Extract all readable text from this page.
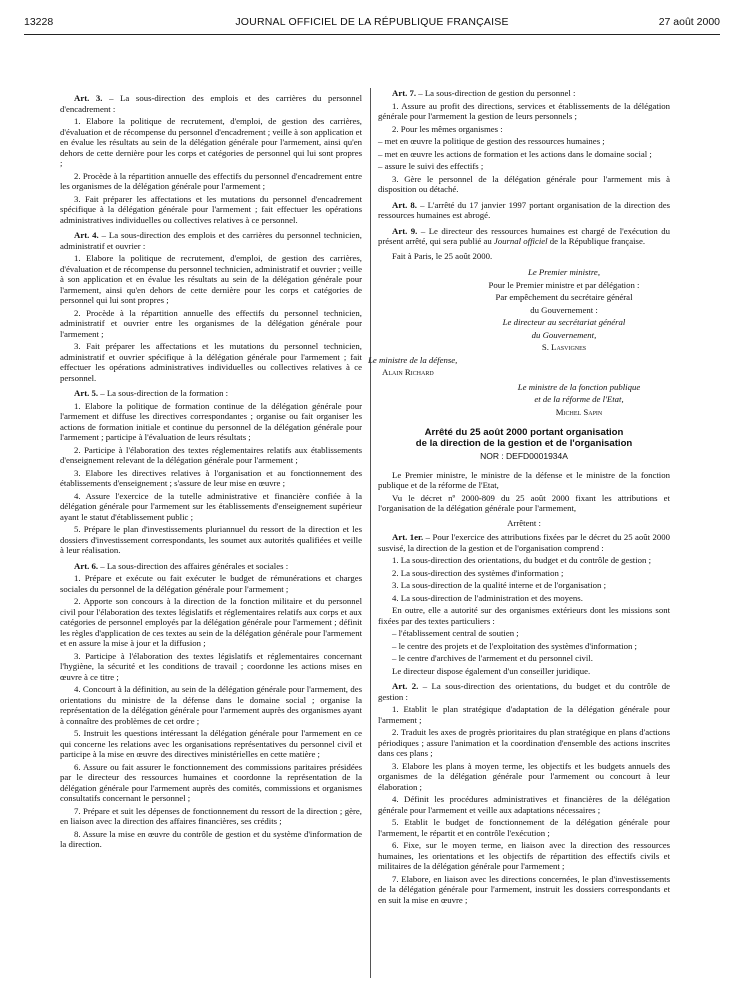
13228	JOURNAL OFFICIEL DE LA RÉPUBLIQUE FRANÇAISE	27 août 2000

Art. 3. – La sous-direction des emplois et des carrières du personnel d'encadrement :

1. Elabore la politique de recrutement, d'emploi, de gestion des carrières, d'évaluation et de récompense du personnel d'encadrement ; veille à son application et en évalue les résultats au sein de la délégation générale pour l'armement, ainsi qu'en dehors de cette dernière pour les corps et catégories de personnel qui lui sont propres ;

2. Procède à la répartition annuelle des effectifs du personnel d'encadrement entre les organismes de la délégation générale pour l'armement ;

3. Fait préparer les affectations et les mutations du personnel d'encadrement spécifique à la délégation générale pour l'armement ; fait effectuer les opérations administratives individuelles ou collectives relatives à ce personnel.

Art. 4. – La sous-direction des emplois et des carrières du personnel technicien, administratif et ouvrier :

1. Elabore la politique de recrutement, d'emploi, de gestion des carrières, d'évaluation et de récompense du personnel technicien, administratif et ouvrier ; veille à son application et en évalue les résultats au sein de la délégation générale pour l'armement, ainsi qu'en dehors de cette dernière pour les corps et catégories de personnel qui lui sont propres ;

2. Procède à la répartition annuelle des effectifs du personnel technicien, administratif et ouvrier entre les organismes de la délégation générale pour l'armement ;

3. Fait préparer les affectations et les mutations du personnel technicien, administratif et ouvrier spécifique à la délégation générale pour l'armement ; fait effectuer les opérations administratives individuelles ou collectives relatives à ce personnel.

Art. 5. – La sous-direction de la formation :

1. Elabore la politique de formation continue de la délégation générale pour l'armement et diffuse les directives correspondantes ; organise ou fait organiser les actions de formation initiale et continue du personnel de la délégation générale pour l'armement ; participe à l'évaluation de leurs résultats ;

2. Participe à l'élaboration des textes réglementaires relatifs aux établissements d'enseignement relevant de la délégation générale pour l'armement ;

3. Elabore les directives relatives à l'organisation et au fonctionnement des établissements d'enseignement ; s'assure de leur mise en œuvre ;

4. Assure l'exercice de la tutelle administrative et financière confiée à la délégation générale pour l'armement sur les établissements d'enseignement supérieur ayant le statut d'établissement public ;

5. Prépare le plan d'investissements pluriannuel du ressort de la direction et les dossiers d'investissement correspondants, les soumet aux autorités qualifiées et veille à leur réalisation.

Art. 6. – La sous-direction des affaires générales et sociales :

1. Prépare et exécute ou fait exécuter le budget de rémunérations et charges sociales du personnel de la délégation générale pour l'armement ;

2. Apporte son concours à la direction de la fonction militaire et du personnel civil pour l'élaboration des textes législatifs et réglementaires relatifs aux corps et aux catégories de personnel employés par la délégation générale pour l'armement ; définit les règles d'application de ces textes au sein de la délégation générale pour l'armement et en assure la mise à jour et la diffusion ;

3. Participe à l'élaboration des textes législatifs et réglementaires concernant l'hygiène, la sécurité et les conditions de travail ; coordonne les actions mises en œuvre à ce titre ;

4. Concourt à la définition, au sein de la délégation générale pour l'armement, des orientations du ministre de la défense dans le domaine social ; organise la représentation de la délégation générale pour l'armement auprès des organismes ayant à connaître des problèmes de cet ordre ;

5. Instruit les questions intéressant la délégation générale pour l'armement en ce qui concerne les relations avec les organisations représentatives du personnel civil et participe à la mise en œuvre des directives ministérielles en cette matière ;

6. Assure ou fait assurer le fonctionnement des commissions paritaires présidées par le directeur des ressources humaines et coordonne la représentation de la délégation générale pour l'armement auprès des comités, commissions et organismes consultatifs concernant le personnel ;

7. Prépare et suit les dépenses de fonctionnement du ressort de la direction ; gère, en liaison avec la direction des affaires financières, ses crédits ;

8. Assure la mise en œuvre du contrôle de gestion et du système d'information de la direction.

Art. 7. – La sous-direction de gestion du personnel :

1. Assure au profit des directions, services et établissements de la délégation générale pour l'armement la gestion de leurs personnels ;

2. Pour les mêmes organismes :

– met en œuvre la politique de gestion des ressources humaines ;

– met en œuvre les actions de formation et les actions dans le domaine social ;

– assure le suivi des effectifs ;

3. Gère le personnel de la délégation générale pour l'armement mis à disposition ou détaché.

Art. 8. – L'arrêté du 17 janvier 1997 portant organisation de la direction des ressources humaines est abrogé.

Art. 9. – Le directeur des ressources humaines est chargé de l'exécution du présent arrêté, qui sera publié au Journal officiel de la République française.

Fait à Paris, le 25 août 2000.

Le Premier ministre,

Pour le Premier ministre et par délégation :

Par empêchement du secrétaire général

du Gouvernement :

Le directeur au secrétariat général

du Gouvernement,

S. Lasvignes

Le ministre de la défense,

Alain Richard

Le ministre de la fonction publique

et de la réforme de l'Etat,

Michel Sapin

Arrêté du 25 août 2000 portant organisation
de la direction de la gestion et de l'organisation

NOR : DEFD0001934A

Le Premier ministre, le ministre de la défense et le ministre de la fonction publique et de la réforme de l'Etat,

Vu le décret nº 2000-809 du 25 août 2000 fixant les attributions et l'organisation de la délégation générale pour l'armement,

Arrêtent :

Art. 1er. – Pour l'exercice des attributions fixées par le décret du 25 août 2000 susvisé, la direction de la gestion et de l'organisation comprend :

1. La sous-direction des orientations, du budget et du contrôle de gestion ;

2. La sous-direction des systèmes d'information ;

3. La sous-direction de la qualité interne et de l'organisation ;

4. La sous-direction de l'administration et des moyens.

En outre, elle a autorité sur des organismes extérieurs dont les missions sont fixées par des textes particuliers :

– l'établissement central de soutien ;

– le centre des projets et de l'exploitation des systèmes d'information ;

– le centre d'archives de l'armement et du personnel civil.

Le directeur dispose également d'un conseiller juridique.

Art. 2. – La sous-direction des orientations, du budget et du contrôle de gestion :

1. Etablit le plan stratégique d'adaptation de la délégation générale pour l'armement ;

2. Traduit les axes de progrès prioritaires du plan stratégique en plans d'actions périodiques ; assure l'animation et la coordination d'ensemble des actions inscrites dans ces plans ;

3. Elabore les plans à moyen terme, les objectifs et les budgets annuels des organismes de la délégation générale pour l'armement ou concourt à leur élaboration ;

4. Définit les procédures administratives et financières de la délégation générale pour l'armement et veille aux adaptations nécessaires ;

5. Etablit le budget de fonctionnement de la délégation générale pour l'armement, le répartit et en contrôle l'exécution ;

6. Fixe, sur le moyen terme, en liaison avec la direction des ressources humaines, les orientations et les objectifs de répartition des effectifs civils et militaires de la délégation générale pour l'armement ;

7. Elabore, en liaison avec les directions concernées, le plan d'investissements de la délégation générale pour l'armement, instruit les dossiers correspondants et en suit la mise en œuvre ;
